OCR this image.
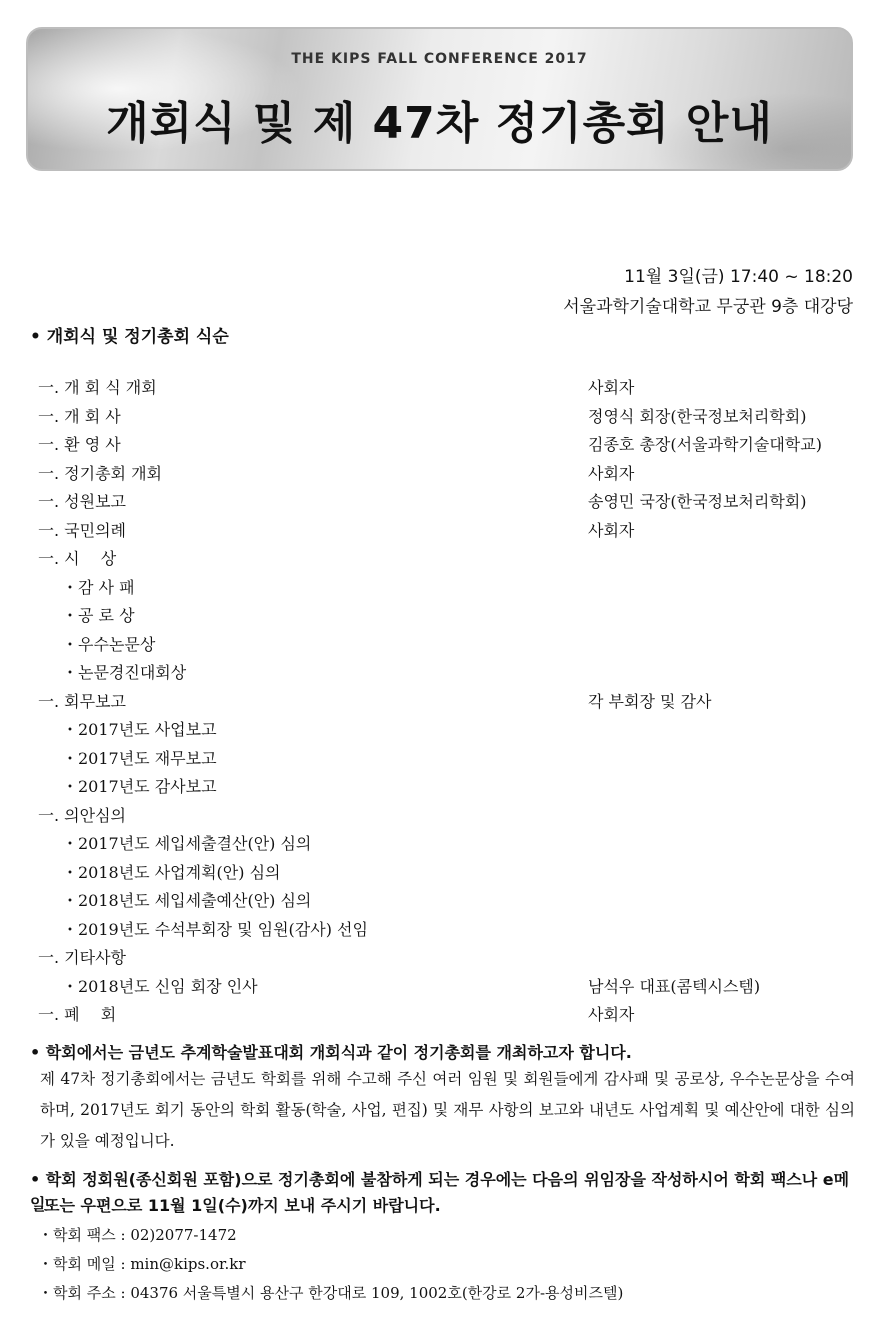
THE KIPS FALL CONFERENCE 2017
개회식 및 제 47차 정기총회 안내
11월 3일(금) 17:40 ~ 18:20
서울과학기술대학교 무궁관 9층 대강당
• 개회식 및 정기총회 식순
一. 개 회 식 개회	사회자
一. 개 회 사	정영식 회장(한국정보처리학회)
一. 환 영 사	김종호 총장(서울과학기술대학교)
一. 정기총회 개회	사회자
一. 성원보고	송영민 국장(한국정보처리학회)
一. 국민의례	사회자
一. 시　 상
・감 사 패
・공 로 상
・우수논문상
・논문경진대회상
一. 회무보고	각 부회장 및 감사
・2017년도 사업보고
・2017년도 재무보고
・2017년도 감사보고
一. 의안심의
・2017년도 세입세출결산(안) 심의
・2018년도 사업계획(안) 심의
・2018년도 세입세출예산(안) 심의
・2019년도 수석부회장 및 임원(감사) 선임
一. 기타사항
・2018년도 신임 회장 인사	남석우 대표(콤텍시스템)
一. 폐　 회	사회자
• 학회에서는 금년도 추계학술발표대회 개회식과 같이 정기총회를 개최하고자 합니다.
제 47차 정기총회에서는 금년도 학회를 위해 수고해 주신 여러 임원 및 회원들에게 감사패 및 공로상, 우수논문상을 수여하며, 2017년도 회기 동안의 학회 활동(학술, 사업, 편집) 및 재무 사항의 보고와 내년도 사업계획 및 예산안에 대한 심의가 있을 예정입니다.
• 학회 정회원(종신회원 포함)으로 정기총회에 불참하게 되는 경우에는 다음의 위임장을 작성하시어 학회 팩스나 e메일
또는 우편으로 11월 1일(수)까지 보내 주시기 바랍니다.
・학회 팩스 : 02)2077-1472
・학회 메일 : min@kips.or.kr
・학회 주소 : 04376 서울특별시 용산구 한강대로 109, 1002호(한강로 2가-용성비즈텔)
